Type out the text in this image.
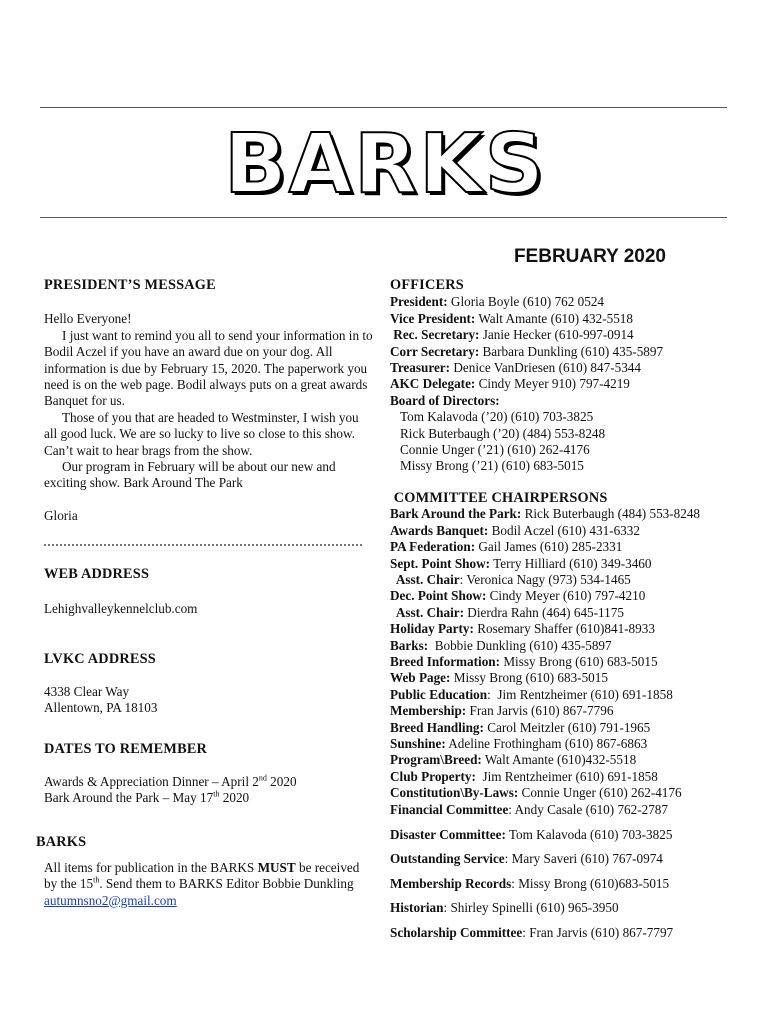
BARKS
FEBRUARY 2020
PRESIDENT’S MESSAGE

Hello Everyone!

I just want to remind you all to send your information in to Bodil Aczel if you have an award due on your dog. All information is due by February 15, 2020. The paperwork you need is on the web page. Bodil always puts on a great awards Banquet for us.

Those of you that are headed to Westminster, I wish you all good luck. We are so lucky to live so close to this show. Can’t wait to hear brags from the show.

Our program in February will be about our new and exciting show. Bark Around The Park

Gloria

WEB ADDRESS

Lehighvalleykennelclub.com

LVKC ADDRESS

4338 Clear Way

Allentown, PA 18103

DATES TO REMEMBER

Awards & Appreciation Dinner – April 2nd 2020

Bark Around the Park – May 17th 2020

BARKS

All items for publication in the BARKS MUST be received by the 15th. Send them to BARKS Editor Bobbie Dunkling autumnsno2@gmail.com

OFFICERS
President: Gloria Boyle (610) 762 0524
Vice President: Walt Amante (610) 432-5518
Rec. Secretary: Janie Hecker (610-997-0914
Corr Secretary: Barbara Dunkling (610) 435-5897
Treasurer: Denice VanDriesen (610) 847-5344
AKC Delegate: Cindy Meyer 910) 797-4219
Board of Directors:
Tom Kalavoda (’20) (610) 703-3825
Rick Buterbaugh (’20) (484) 553-8248
Connie Unger (’21) (610) 262-4176
Missy Brong (’21) (610) 683-5015
COMMITTEE CHAIRPERSONS
Bark Around the Park: Rick Buterbaugh (484) 553-8248
Awards Banquet: Bodil Aczel (610) 431-6332
PA Federation: Gail James (610) 285-2331
Sept. Point Show: Terry Hilliard (610) 349-3460
Asst. Chair: Veronica Nagy (973) 534-1465
Dec. Point Show: Cindy Meyer (610) 797-4210
Asst. Chair: Dierdra Rahn (464) 645-1175
Holiday Party: Rosemary Shaffer (610)841-8933
Barks:  Bobbie Dunkling (610) 435-5897
Breed Information: Missy Brong (610) 683-5015
Web Page: Missy Brong (610) 683-5015
Public Education:  Jim Rentzheimer (610) 691-1858
Membership: Fran Jarvis (610) 867-7796
Breed Handling: Carol Meitzler (610) 791-1965
Sunshine: Adeline Frothingham (610) 867-6863
Program\Breed: Walt Amante (610)432-5518
Club Property:  Jim Rentzheimer (610) 691-1858
Constitution\By-Laws: Connie Unger (610) 262-4176
Financial Committee: Andy Casale (610) 762-2787
Disaster Committee: Tom Kalavoda (610) 703-3825
Outstanding Service: Mary Saveri (610) 767-0974
Membership Records: Missy Brong (610)683-5015
Historian: Shirley Spinelli (610) 965-3950
Scholarship Committee: Fran Jarvis (610) 867-7797
